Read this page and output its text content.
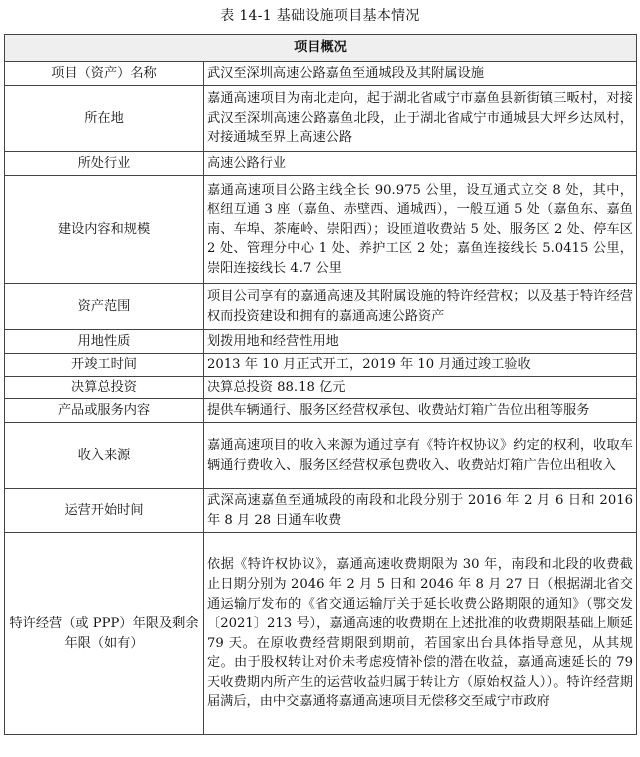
表 14-1 基础设施项目基本情况
项目概况	
项目（资产）名称	武汉至深圳高速公路嘉鱼至通城段及其附属设施
所在地	嘉通高速项目为南北走向，起于湖北省咸宁市嘉鱼县新街镇三畈村，对接武汉至深圳高速公路嘉鱼北段，止于湖北省咸宁市通城县大坪乡达凤村，对接通城至界上高速公路
所处行业	高速公路行业
建设内容和规模	嘉通高速项目公路主线全长 90.975 公里，设互通式立交 8 处，其中，枢纽互通 3 座（嘉鱼、赤壁西、通城西），一般互通 5 处（嘉鱼东、嘉鱼南、车埠、茶庵岭、崇阳西）；设匝道收费站 5 处、服务区 2 处、停车区 2 处、管理分中心 1 处、养护工区 2 处；嘉鱼连接线长 5.0415 公里，崇阳连接线长 4.7 公里
资产范围	项目公司享有的嘉通高速及其附属设施的特许经营权；以及基于特许经营权而投资建设和拥有的嘉通高速公路资产
用地性质	划拨用地和经营性用地
开竣工时间	2013 年 10 月正式开工，2019 年 10 月通过竣工验收
决算总投资	决算总投资 88.18 亿元
产品或服务内容	提供车辆通行、服务区经营权承包、收费站灯箱广告位出租等服务
收入来源	嘉通高速项目的收入来源为通过享有《特许权协议》约定的权利，收取车辆通行费收入、服务区经营权承包费收入、收费站灯箱广告位出租收入
运营开始时间	武深高速嘉鱼至通城段的南段和北段分别于 2016 年 2 月 6 日和 2016 年 8 月 28 日通车收费
特许经营（或 PPP）年限及剩余年限（如有）	依据《特许权协议》，嘉通高速收费期限为 30 年，南段和北段的收费截止日期分别为 2046 年 2 月 5 日和 2046 年 8 月 27 日（根据湖北省交通运输厅发布的《省交通运输厅关于延长收费公路期限的通知》（鄂交发〔2021〕213 号），嘉通高速的收费期在上述批准的收费期限基础上顺延 79 天。在原收费经营期限到期前，若国家出台具体指导意见，从其规定。由于股权转让对价未考虑疫情补偿的潜在收益，嘉通高速延长的 79 天收费期内所产生的运营收益归属于转让方（原始权益人））。特许经营期届满后，由中交嘉通将嘉通高速项目无偿移交至咸宁市政府
